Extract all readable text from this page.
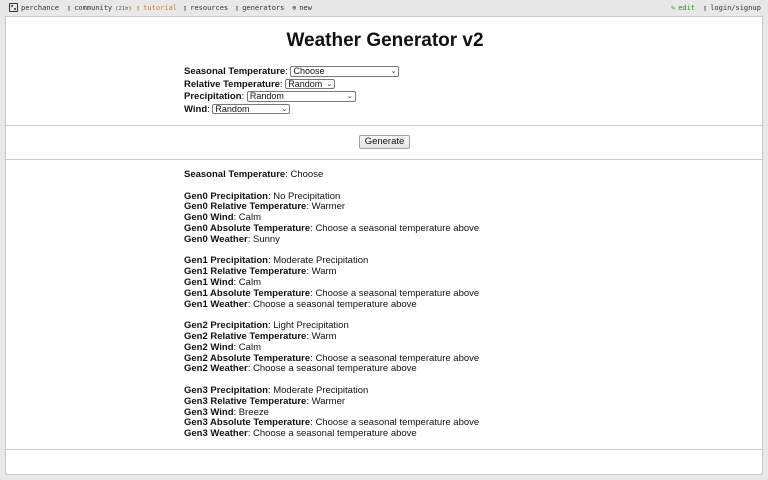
perchance ▯ community (21h) ▯ tutorial ▯ resources ▯ generators ⊕ new	✎ edit ▯ login/signup
Weather Generator v2
Seasonal Temperature: Choose	⌄
Relative Temperature: Random ⌄
Precipitation: Random	⌄
Wind: Random	⌄
Generate
Seasonal Temperature: Choose
Gen0 Precipitation: No Precipitation
Gen0 Relative Temperature: Warmer
Gen0 Wind: Calm
Gen0 Absolute Temperature: Choose a seasonal temperature above
Gen0 Weather: Sunny
Gen1 Precipitation: Moderate Precipitation
Gen1 Relative Temperature: Warm
Gen1 Wind: Calm
Gen1 Absolute Temperature: Choose a seasonal temperature above
Gen1 Weather: Choose a seasonal temperature above
Gen2 Precipitation: Light Precipitation
Gen2 Relative Temperature: Warm
Gen2 Wind: Calm
Gen2 Absolute Temperature: Choose a seasonal temperature above
Gen2 Weather: Choose a seasonal temperature above
Gen3 Precipitation: Moderate Precipitation
Gen3 Relative Temperature: Warmer
Gen3 Wind: Breeze
Gen3 Absolute Temperature: Choose a seasonal temperature above
Gen3 Weather: Choose a seasonal temperature above
